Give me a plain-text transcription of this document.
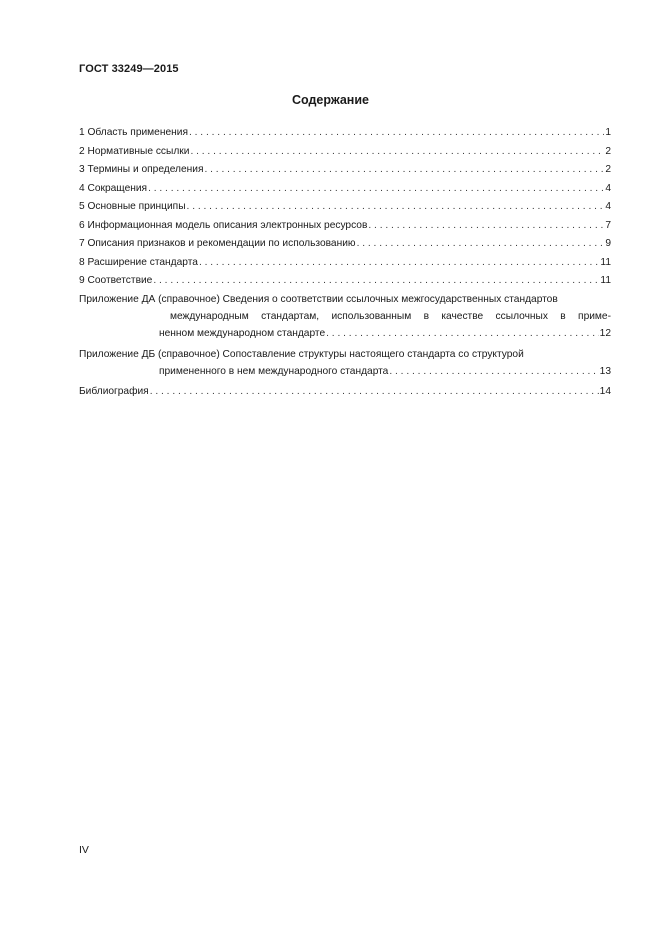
ГОСТ 33249—2015
Содержание
1 Область применения . . .	1
2 Нормативные ссылки . . .	2
3 Термины и определения . . .	2
4 Сокращения . . .	4
5 Основные принципы . . .	4
6 Информационная модель описания электронных ресурсов . . .	7
7 Описания признаков и рекомендации по использованию . . .	9
8 Расширение стандарта . . .	11
9 Соответствие . . .	11
Приложение ДА (справочное) Сведения о соответствии ссылочных межгосударственных стандартов
международным стандартам, использованным в качестве ссылочных в приме-
ненном международном стандарте . . .	12
Приложение ДБ (справочное) Сопоставление структуры настоящего стандарта со структурой
примененного в нем международного стандарта . . .	13
Библиография . . .	14
IV
